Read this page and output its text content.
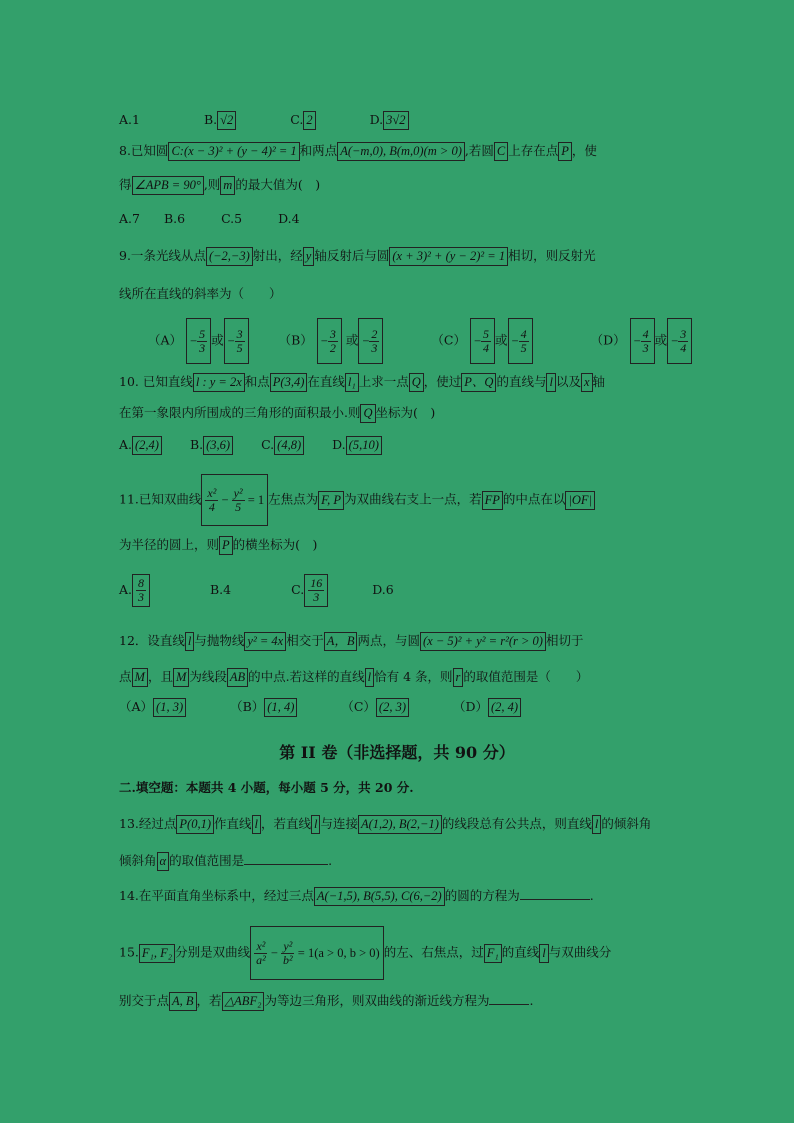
A.1	B. √2	C. 2	D. 3√2
8.已知圆 C:(x − 3)² + (y − 4)² = 1 和两点 A(−m,0), B(m,0)(m > 0) ,若圆 C 上存在点 P ，使
得 ∠APB = 90° ,则 m 的最大值为(　)
A.7 B.6	C.5	D.4
9.一条光线从点 (−2,−3) 射出，经 y 轴反射后与圆 (x + 3)² + (y − 2)² = 1 相切，则反射光
线所在直线的斜率为（　　）
$(A) - \frac{5}{3}$ 或 − $\frac{3}{5}$	$(B) - \frac{3}{2}$ 或 − $\frac{2}{3}$	$(C) - \frac{5}{4}$ 或 − $\frac{4}{5}$	$(D) - \frac{4}{3}$ 或 − $\frac{3}{4}$
10. 已知直线 l : y = 2x 和点 P(3,4) 在直线 l₁ 上求一点 Q ，使过 P、Q 的直线与 l 以及 x 轴
在第一象限内所围成的三角形的面积最小.则 Q 坐标为(　)
A. (2,4) B. (3,6) C. (4,8) D. (5,10)
11.已知双曲线 $\frac{\text{x²}}{4} - \frac{\text{y²}}{5}$
= 1 左焦点为 F, P 为双曲线右支上一点，若 FP 的中点在以 |OF|
为半径的圆上，则 P 的横坐标为(　)
A. $\frac{8}{3}$	B.4	C. $\frac{16}{3}$	D.6
12．设直线 l 与抛物线 y² = 4x 相交于 A，B 两点，与圆 (x − 5)² + y² = r²(r > 0) 相切于
点 M ，且 M 为线段 AB 的中点.若这样的直线 l 恰有 4 条，则 r 的取值范围是（　　）
（A） (1, 3)	（B） (1, 4)	（C） (2, 3)	（D） (2, 4)
第 II 卷（非选择题，共 90 分）
二.填空题：本题共 4 小题，每小题 5 分，共 20 分.
13.经过点 P(0,1) 作直线 l ，若直线 l 与连接 A(1,2), B(2,−1) 的线段总有公共点，则直线 l 的倾斜角
倾斜角 α 的取值范围是	.
14.在平面直角坐标系中，经过三点 A(−1,5), B(5,5), C(6,−2) 的圆的方程为	.
15. F₁, F₂ 分别是双曲线 $\frac{\text{x²}}{\text{a²}} - \frac{\text{y²}}{\text{b²}}$
= 1(a > 0, b > 0) 的左、右焦点，过 F₁ 的直线 l 与双曲线分
别交于点 A, B ，若 △ABF₂ 为等边三角形，则双曲线的渐近线方程为	.
